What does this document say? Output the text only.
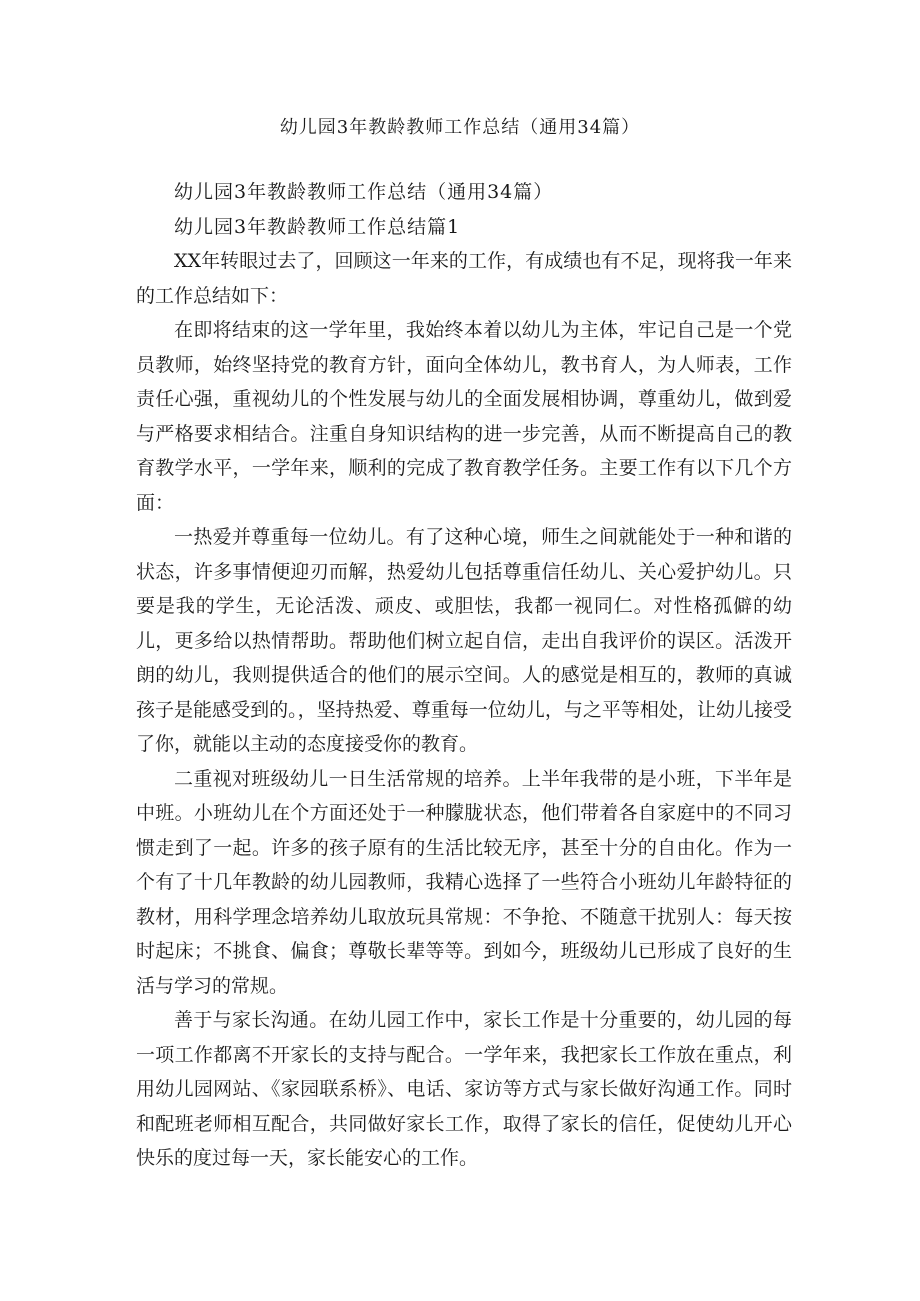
幼儿园3年教龄教师工作总结（通用34篇）

幼儿园3年教龄教师工作总结（通用34篇）

幼儿园3年教龄教师工作总结篇1

XX年转眼过去了，回顾这一年来的工作，有成绩也有不足，现将我一年来的工作总结如下：

在即将结束的这一学年里，我始终本着以幼儿为主体，牢记自己是一个党员教师，始终坚持党的教育方针，面向全体幼儿，教书育人，为人师表，工作责任心强，重视幼儿的个性发展与幼儿的全面发展相协调，尊重幼儿，做到爱与严格要求相结合。注重自身知识结构的进一步完善，从而不断提高自己的教育教学水平，一学年来，顺利的完成了教育教学任务。主要工作有以下几个方面：

一热爱并尊重每一位幼儿。有了这种心境，师生之间就能处于一种和谐的状态，许多事情便迎刃而解，热爱幼儿包括尊重信任幼儿、关心爱护幼儿。只要是我的学生，无论活泼、顽皮、或胆怯，我都一视同仁。对性格孤僻的幼儿，更多给以热情帮助。帮助他们树立起自信，走出自我评价的误区。活泼开朗的幼儿，我则提供适合的他们的展示空间。人的感觉是相互的，教师的真诚孩子是能感受到的。，坚持热爱、尊重每一位幼儿，与之平等相处，让幼儿接受了你，就能以主动的态度接受你的教育。

二重视对班级幼儿一日生活常规的培养。上半年我带的是小班，下半年是中班。小班幼儿在个方面还处于一种朦胧状态，他们带着各自家庭中的不同习惯走到了一起。许多的孩子原有的生活比较无序，甚至十分的自由化。作为一个有了十几年教龄的幼儿园教师，我精心选择了一些符合小班幼儿年龄特征的教材，用科学理念培养幼儿取放玩具常规：不争抢、不随意干扰别人：每天按时起床；不挑食、偏食；尊敬长辈等等。到如今，班级幼儿已形成了良好的生活与学习的常规。

善于与家长沟通。在幼儿园工作中，家长工作是十分重要的，幼儿园的每一项工作都离不开家长的支持与配合。一学年来，我把家长工作放在重点，利用幼儿园网站、《家园联系桥》、电话、家访等方式与家长做好沟通工作。同时和配班老师相互配合，共同做好家长工作，取得了家长的信任，促使幼儿开心快乐的度过每一天，家长能安心的工作。
